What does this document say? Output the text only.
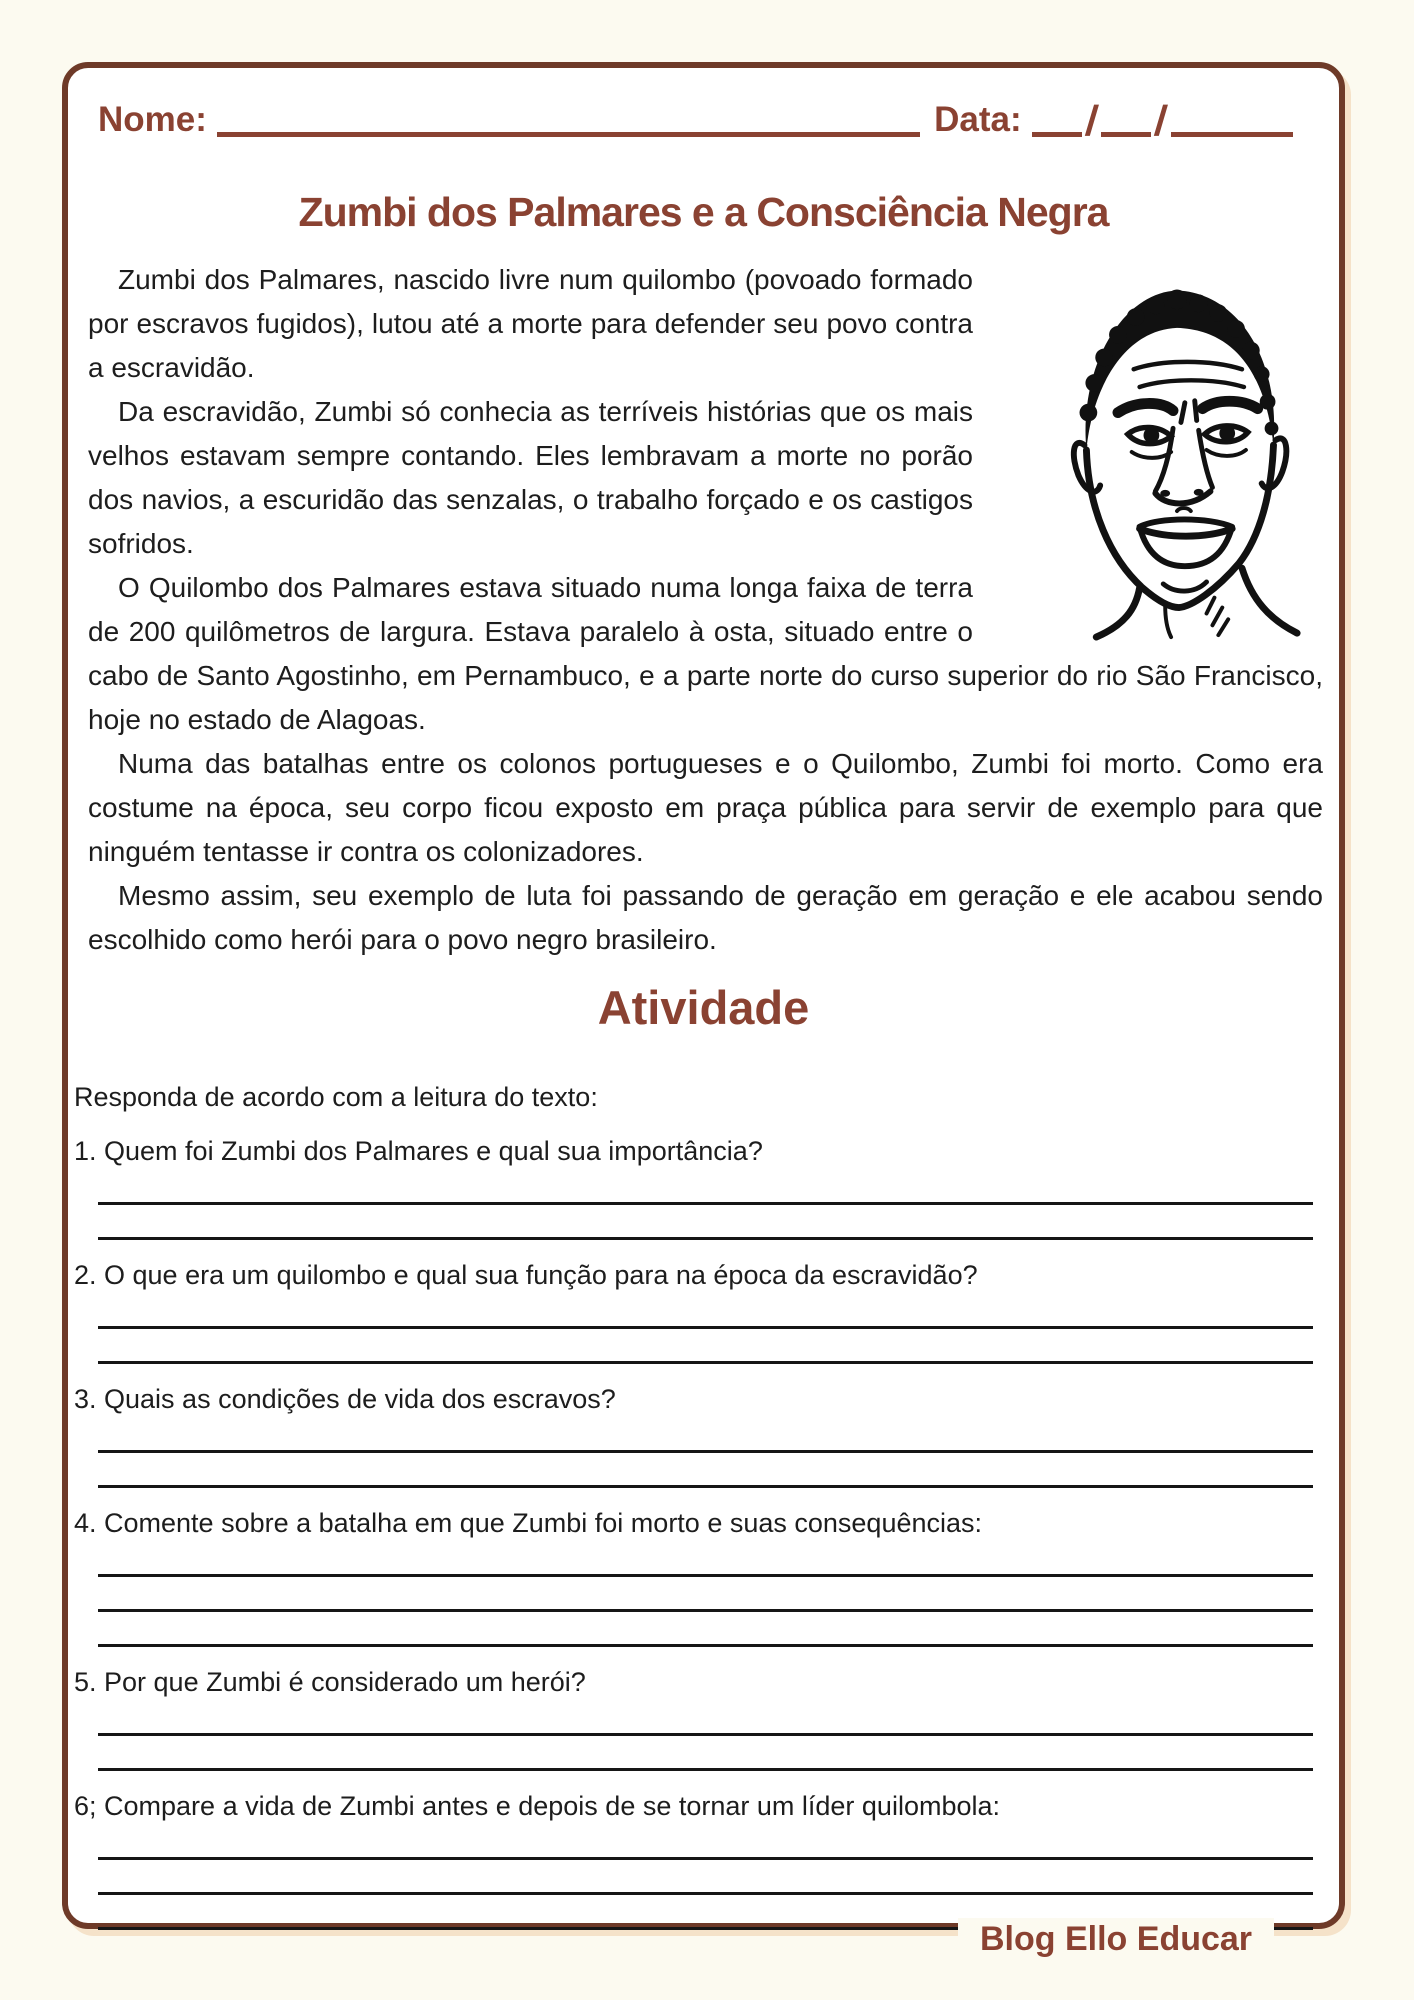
Nome:	Data: / /
Zumbi dos Palmares e a Consciência Negra

Zumbi dos Palmares, nascido livre num quilombo (povoado formado por escravos fugidos), lutou até a morte para defender seu povo contra a escravidão.

Da escravidão, Zumbi só conhecia as terríveis histórias que os mais velhos estavam sempre contando. Eles lembravam a morte no porão dos navios, a escuridão das senzalas, o trabalho forçado e os castigos sofridos.

O Quilombo dos Palmares estava situado numa longa faixa de terra de 200 quilômetros de largura. Estava paralelo à osta, situado entre o cabo de Santo Agostinho, em Pernambuco, e a parte norte do curso superior do rio São Francisco, hoje no estado de Alagoas.

Numa das batalhas entre os colonos portugueses e o Quilombo, Zumbi foi morto. Como era costume na época, seu corpo ficou exposto em praça pública para servir de exemplo para que ninguém tentasse ir contra os colonizadores.

Mesmo assim, seu exemplo de luta foi passando de geração em geração e ele acabou sendo escolhido como herói para o povo negro brasileiro.

Atividade

Responda de acordo com a leitura do texto:

1. Quem foi Zumbi dos Palmares e qual sua importância?

2. O que era um quilombo e qual sua função para na época da escravidão?

3. Quais as condições de vida dos escravos?

4. Comente sobre a batalha em que Zumbi foi morto e suas consequências:

5. Por que Zumbi é considerado um herói?

6; Compare a vida de Zumbi antes e depois de se tornar um líder quilombola:

Blog Ello Educar
